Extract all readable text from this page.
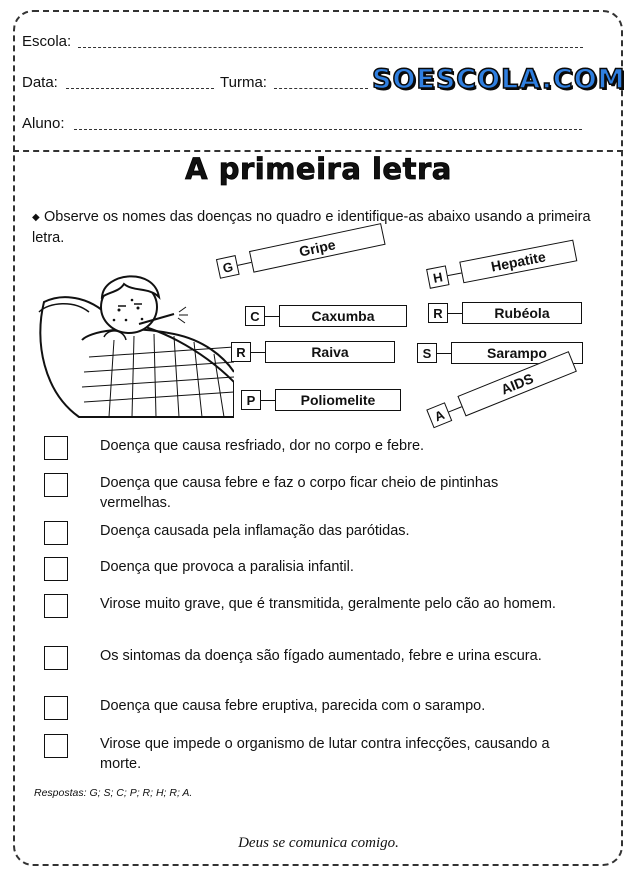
Escola:
Data:	Turma:	SOESCOLA.COM
Aluno:
A primeira letra
◆ Observe os nomes das doenças no quadro e identifique-as abaixo usando a primeira letra.
G
Gripe
C	Caxumba
R	Raiva
P	Poliomelite
H
Hepatite
R	Rubéola
S	Sarampo
A
AIDS
Doença que causa resfriado, dor no corpo e febre.
Doença que causa febre e faz o corpo ficar cheio de pintinhas vermelhas.
Doença causada pela inflamação das parótidas.
Doença que provoca a paralisia infantil.
Virose muito grave, que é transmitida, geralmente pelo cão ao homem.
Os sintomas da doença são fígado aumentado, febre e urina escura.
Doença que causa febre eruptiva, parecida com o sarampo.
Virose que impede o organismo de lutar contra infecções, causando a morte.
Respostas: G; S; C; P; R; H; R; A.
Deus se comunica comigo.
